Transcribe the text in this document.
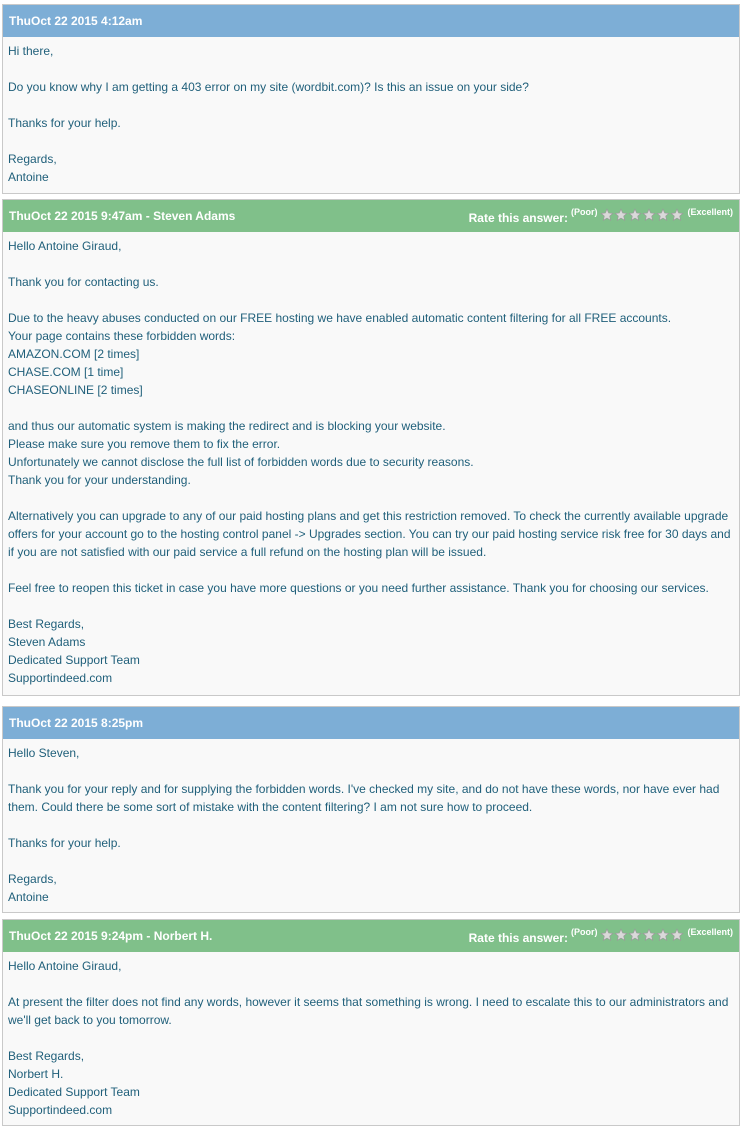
ThuOct 22 2015 4:12am

Hi there,

Do you know why I am getting a 403 error on my site (wordbit.com)? Is this an issue on your side?

Thanks for your help.

Regards,

Antoine

ThuOct 22 2015 9:47am - Steven Adams	Rate this answer: (Poor)	(Excellent)

Hello Antoine Giraud,

Thank you for contacting us.

Due to the heavy abuses conducted on our FREE hosting we have enabled automatic content filtering for all FREE accounts.

Your page contains these forbidden words:

AMAZON.COM [2 times]

CHASE.COM [1 time]

CHASEONLINE [2 times]

and thus our automatic system is making the redirect and is blocking your website.

Please make sure you remove them to fix the error.

Unfortunately we cannot disclose the full list of forbidden words due to security reasons.

Thank you for your understanding.

Alternatively you can upgrade to any of our paid hosting plans and get this restriction removed. To check the currently available upgrade offers for your account go to the hosting control panel -> Upgrades section. You can try our paid hosting service risk free for 30 days and if you are not satisfied with our paid service a full refund on the hosting plan will be issued.

Feel free to reopen this ticket in case you have more questions or you need further assistance. Thank you for choosing our services.

Best Regards,

Steven Adams

Dedicated Support Team

Supportindeed.com

ThuOct 22 2015 8:25pm

Hello Steven,

Thank you for your reply and for supplying the forbidden words. I've checked my site, and do not have these words, nor have ever had them. Could there be some sort of mistake with the content filtering? I am not sure how to proceed.

Thanks for your help.

Regards,

Antoine

ThuOct 22 2015 9:24pm - Norbert H.	Rate this answer: (Poor)	(Excellent)

Hello Antoine Giraud,

At present the filter does not find any words, however it seems that something is wrong. I need to escalate this to our administrators and we'll get back to you tomorrow.

Best Regards,

Norbert H.

Dedicated Support Team

Supportindeed.com
